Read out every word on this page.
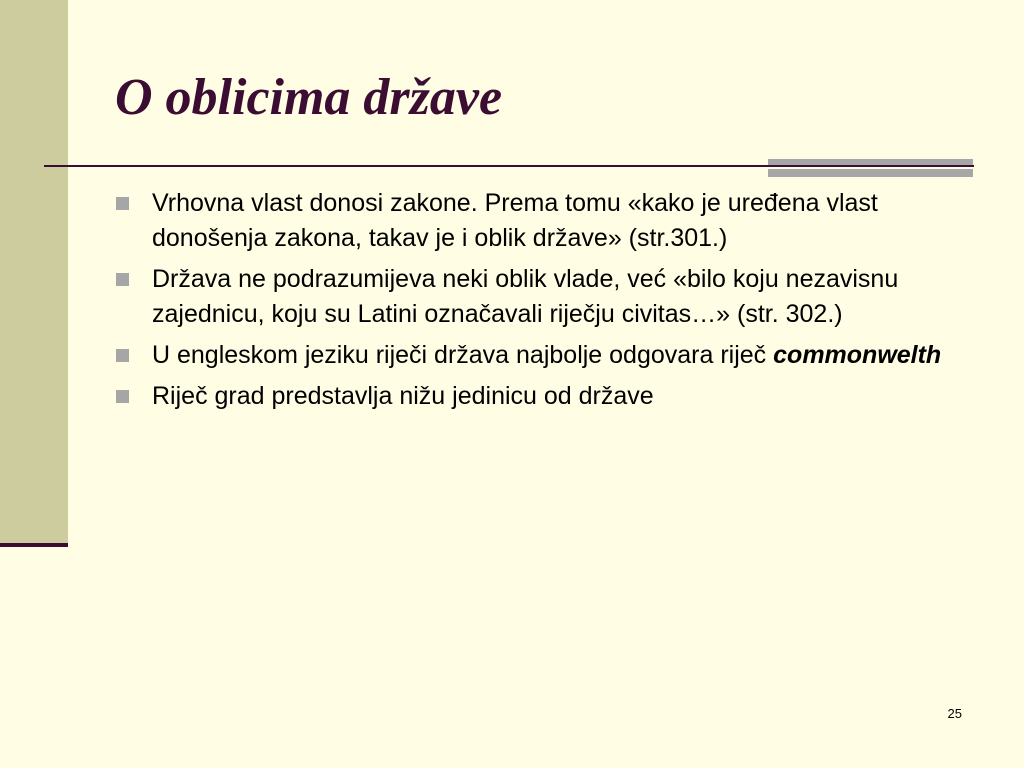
O oblicima države
Vrhovna vlast donosi zakone. Prema tomu «kako je uređena vlast donošenja zakona, takav je i oblik države» (str.301.)
Država ne podrazumijeva neki oblik vlade, već «bilo koju nezavisnu zajednicu, koju su Latini označavali riječju civitas…» (str. 302.)
U engleskom jeziku riječi država najbolje odgovara riječ commonwelth
Riječ grad predstavlja nižu jedinicu od države
25
